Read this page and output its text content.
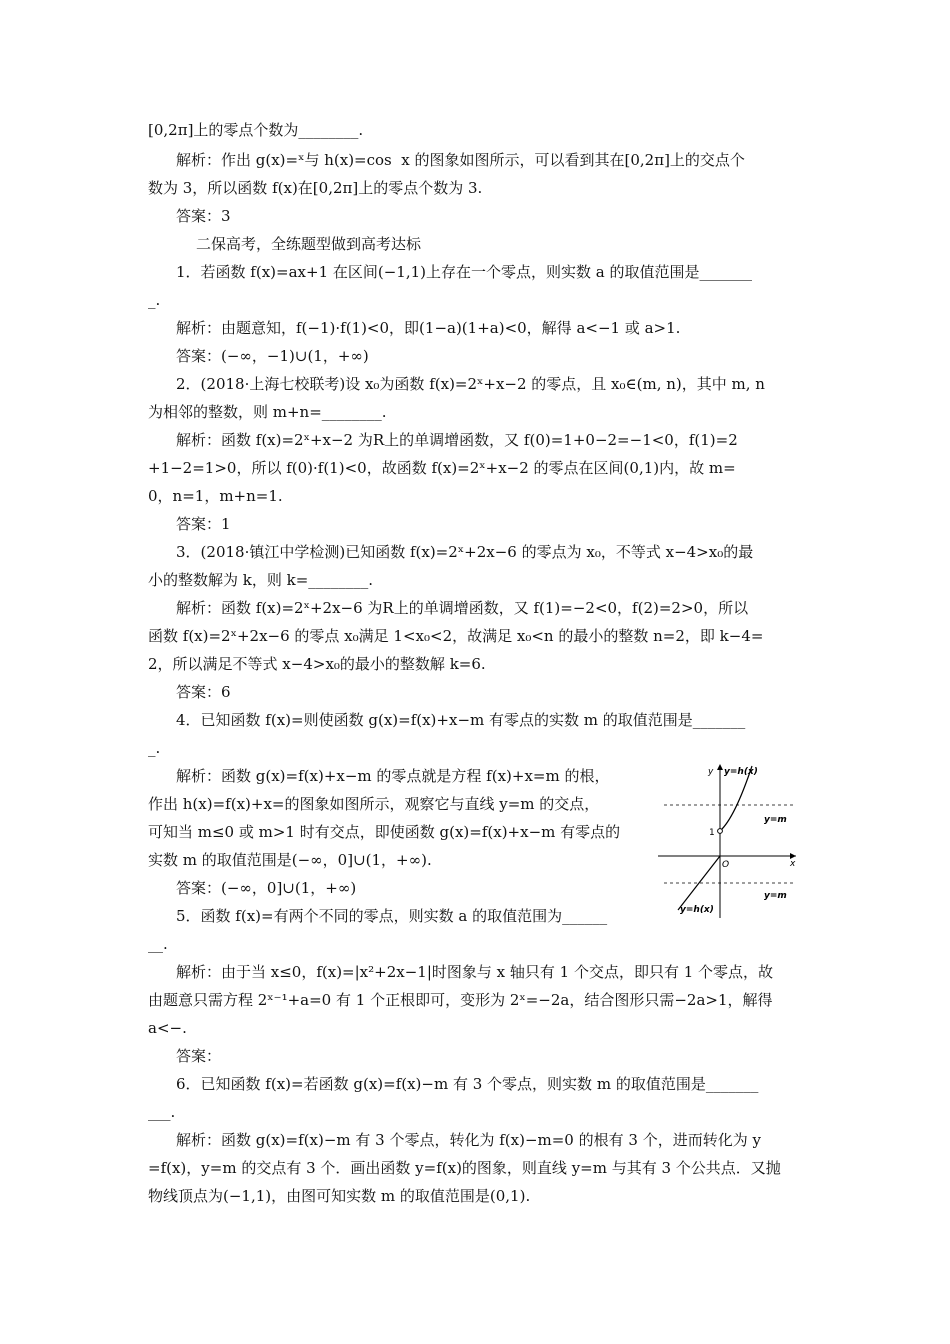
[0,2π]上的零点个数为________.
解析：作出 g(x)=ˣ与 h(x)=cos  x 的图象如图所示，可以看到其在[0,2π]上的交点个
数为 3，所以函数 f(x)在[0,2π]上的零点个数为 3.
答案：3
二保高考，全练题型做到高考达标
1．若函数 f(x)=ax+1 在区间(−1,1)上存在一个零点，则实数 a 的取值范围是_______
_.
解析：由题意知，f(−1)·f(1)<0，即(1−a)(1+a)<0，解得 a<−1 或 a>1.
答案：(−∞，−1)∪(1，+∞)
2．(2018·上海七校联考)设 x₀为函数 f(x)=2ˣ+x−2 的零点，且 x₀∈(m, n)，其中 m, n
为相邻的整数，则 m+n=________.
解析：函数 f(x)=2ˣ+x−2 为R上的单调增函数，又 f(0)=1+0−2=−1<0，f(1)=2
+1−2=1>0，所以 f(0)·f(1)<0，故函数 f(x)=2ˣ+x−2 的零点在区间(0,1)内，故 m=
0，n=1，m+n=1.
答案：1
3．(2018·镇江中学检测)已知函数 f(x)=2ˣ+2x−6 的零点为 x₀，不等式 x−4>x₀的最
小的整数解为 k，则 k=________.
解析：函数 f(x)=2ˣ+2x−6 为R上的单调增函数，又 f(1)=−2<0，f(2)=2>0，所以
函数 f(x)=2ˣ+2x−6 的零点 x₀满足 1<x₀<2，故满足 x₀<n 的最小的整数 n=2，即 k−4=
2，所以满足不等式 x−4>x₀的最小的整数解 k=6.
答案：6
4．已知函数 f(x)=则使函数 g(x)=f(x)+x−m 有零点的实数 m 的取值范围是_______
_.
解析：函数 g(x)=f(x)+x−m 的零点就是方程 f(x)+x=m 的根，
作出 h(x)=f(x)+x=的图象如图所示，观察它与直线 y=m 的交点，
可知当 m≤0 或 m>1 时有交点，即使函数 g(x)=f(x)+x−m 有零点的
实数 m 的取值范围是(−∞，0]∪(1，+∞).
答案：(−∞，0]∪(1，+∞)
5．函数 f(x)=有两个不同的零点，则实数 a 的取值范围为______
__.
解析：由于当 x≤0，f(x)=|x²+2x−1|时图象与 x 轴只有 1 个交点，即只有 1 个零点，故
由题意只需方程 2ˣ⁻¹+a=0 有 1 个正根即可，变形为 2ˣ=−2a，结合图形只需−2a>1，解得
a<−.
答案：
6．已知函数 f(x)=若函数 g(x)=f(x)−m 有 3 个零点，则实数 m 的取值范围是_______
___.
解析：函数 g(x)=f(x)−m 有 3 个零点，转化为 f(x)−m=0 的根有 3 个，进而转化为 y
=f(x)，y=m 的交点有 3 个．画出函数 y=f(x)的图象，则直线 y=m 与其有 3 个公共点．又抛
物线顶点为(−1,1)，由图可知实数 m 的取值范围是(0,1).
y
x
O
1
y=h(x)
y=h(x)
y=m
y=m
